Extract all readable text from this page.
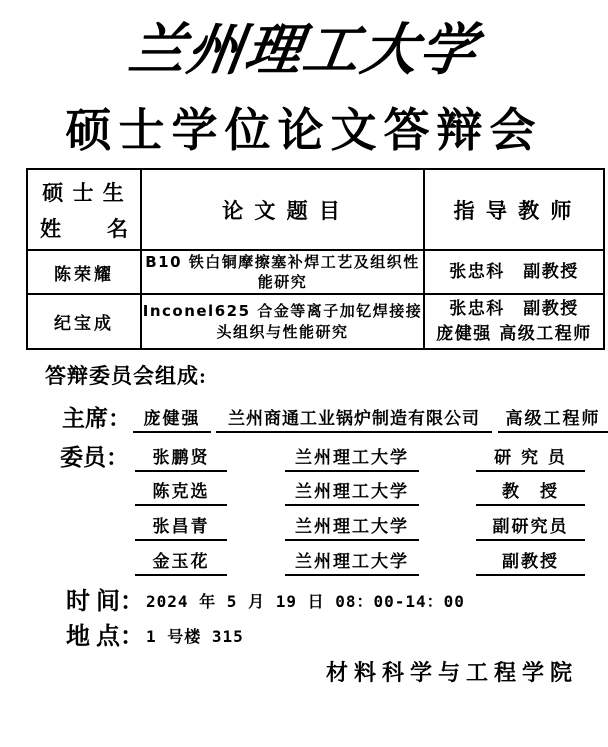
兰州理工大学
硕士学位论文答辩会
硕 士 生
姓 名	论 文 题 目	指 导 教 师
陈荣耀	B10 铁白铜摩擦塞补焊工艺及组织性能研究	张忠科　副教授

纪宝成	Inconel625 合金等离子加钇焊接接头组织与性能研究	张忠科　副教授
庞健强 高级工程师
答辩委员会组成:
主席： 庞健强	兰州商通工业锅炉制造有限公司	高级工程师
委员：	张鹏贤	兰州理工大学	研 究 员
陈克选	兰州理工大学	教　授
张昌青	兰州理工大学	副研究员
金玉花	兰州理工大学	副教授
时 间： 2024 年 5 月 19 日 08：00-14：00
地 点： 1 号楼 315
材料科学与工程学院
